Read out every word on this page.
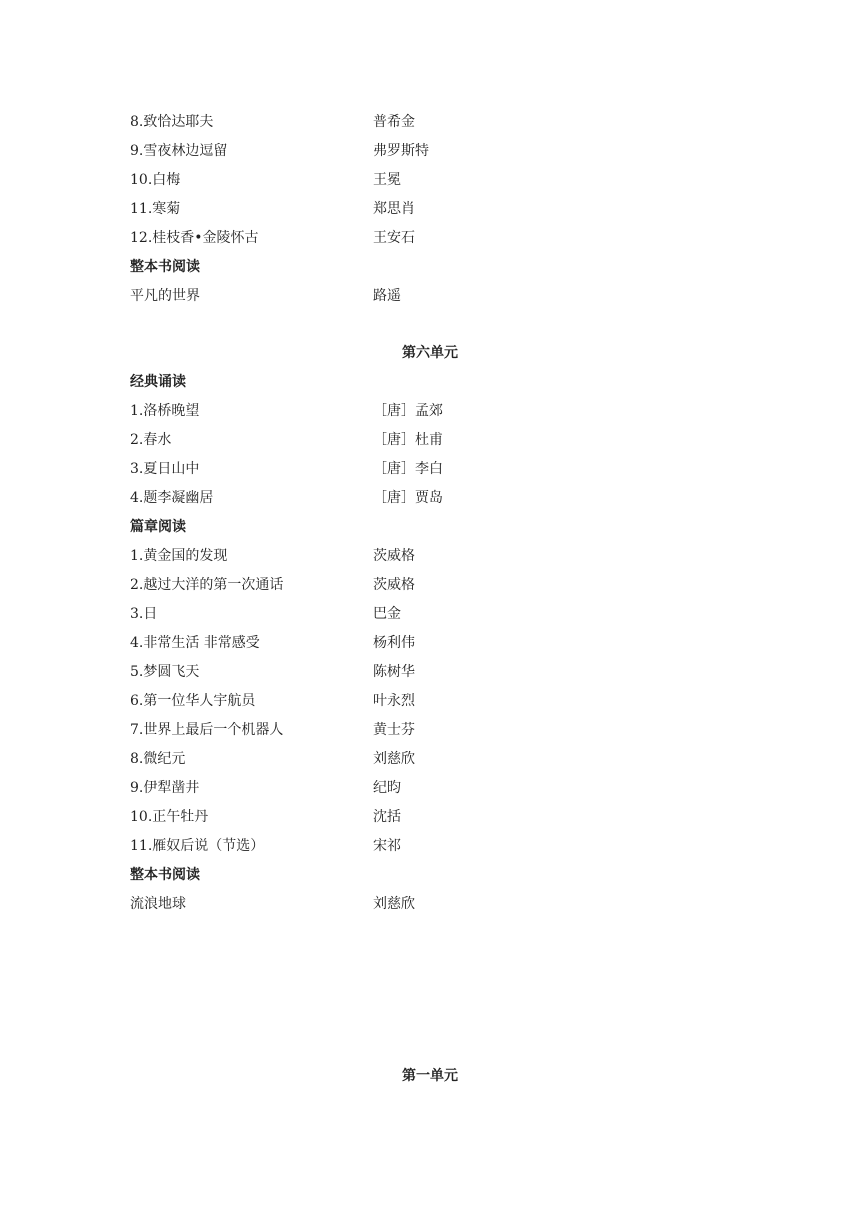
8.致恰达耶夫	普希金
9.雪夜林边逗留	弗罗斯特
10.白梅	王冕
11.寒菊	郑思肖
12.桂枝香•金陵怀古	王安石
整本书阅读
平凡的世界	路遥
第六单元
经典诵读
1.洛桥晚望	［唐］孟郊
2.春水	［唐］杜甫
3.夏日山中	［唐］李白
4.题李凝幽居	［唐］贾岛
篇章阅读
1.黄金国的发现	茨威格
2.越过大洋的第一次通话	茨威格
3.日	巴金
4.非常生活 非常感受	杨利伟
5.梦圆飞天	陈树华
6.第一位华人宇航员	叶永烈
7.世界上最后一个机器人	黄士芬
8.微纪元	刘慈欣
9.伊犁凿井	纪昀
10.正午牡丹	沈括
11.雁奴后说（节选）	宋祁
整本书阅读
流浪地球	刘慈欣
第一单元
